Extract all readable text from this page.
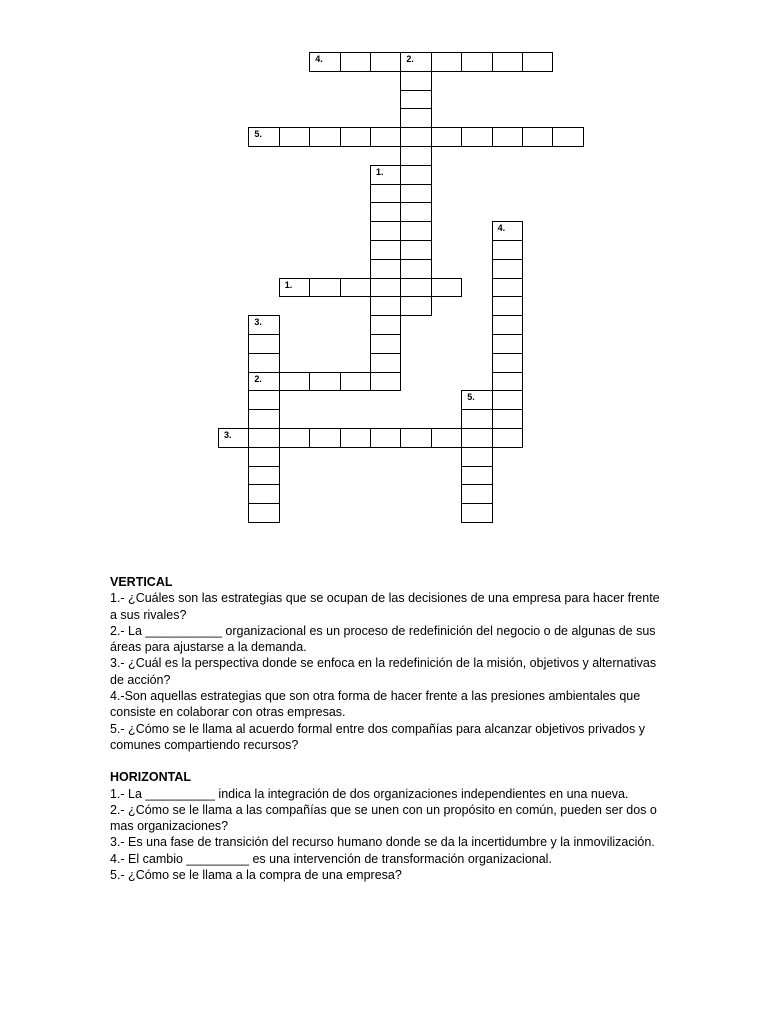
4.	2.
5.
1.
4.
1.
3.
2.
5.
3.
VERTICAL

1.- ¿Cuáles son las estrategias que se ocupan de las decisiones de una empresa para hacer frente a sus rivales?

2.- La ___________ organizacional es un proceso de redefinición del negocio o de algunas de sus áreas para ajustarse a la demanda.

3.- ¿Cuál es la perspectiva donde se enfoca en la redefinición de la misión, objetivos y alternativas de acción?

4.-Son aquellas estrategias que son otra forma de hacer frente a las presiones ambientales que consiste en colaborar con otras empresas.

5.- ¿Cómo se le llama al acuerdo formal entre dos compañías para alcanzar objetivos privados y comunes compartiendo recursos?

HORIZONTAL

1.- La __________ indica la integración de dos organizaciones independientes en una nueva.

2.- ¿Cómo se le llama a las compañías que se unen con un propósito en común, pueden ser dos o mas organizaciones?

3.- Es una fase de transición del recurso humano donde se da la incertidumbre y la inmovilización.

4.- El cambio _________ es una intervención de transformación organizacional.

5.- ¿Cómo se le llama a la compra de una empresa?
